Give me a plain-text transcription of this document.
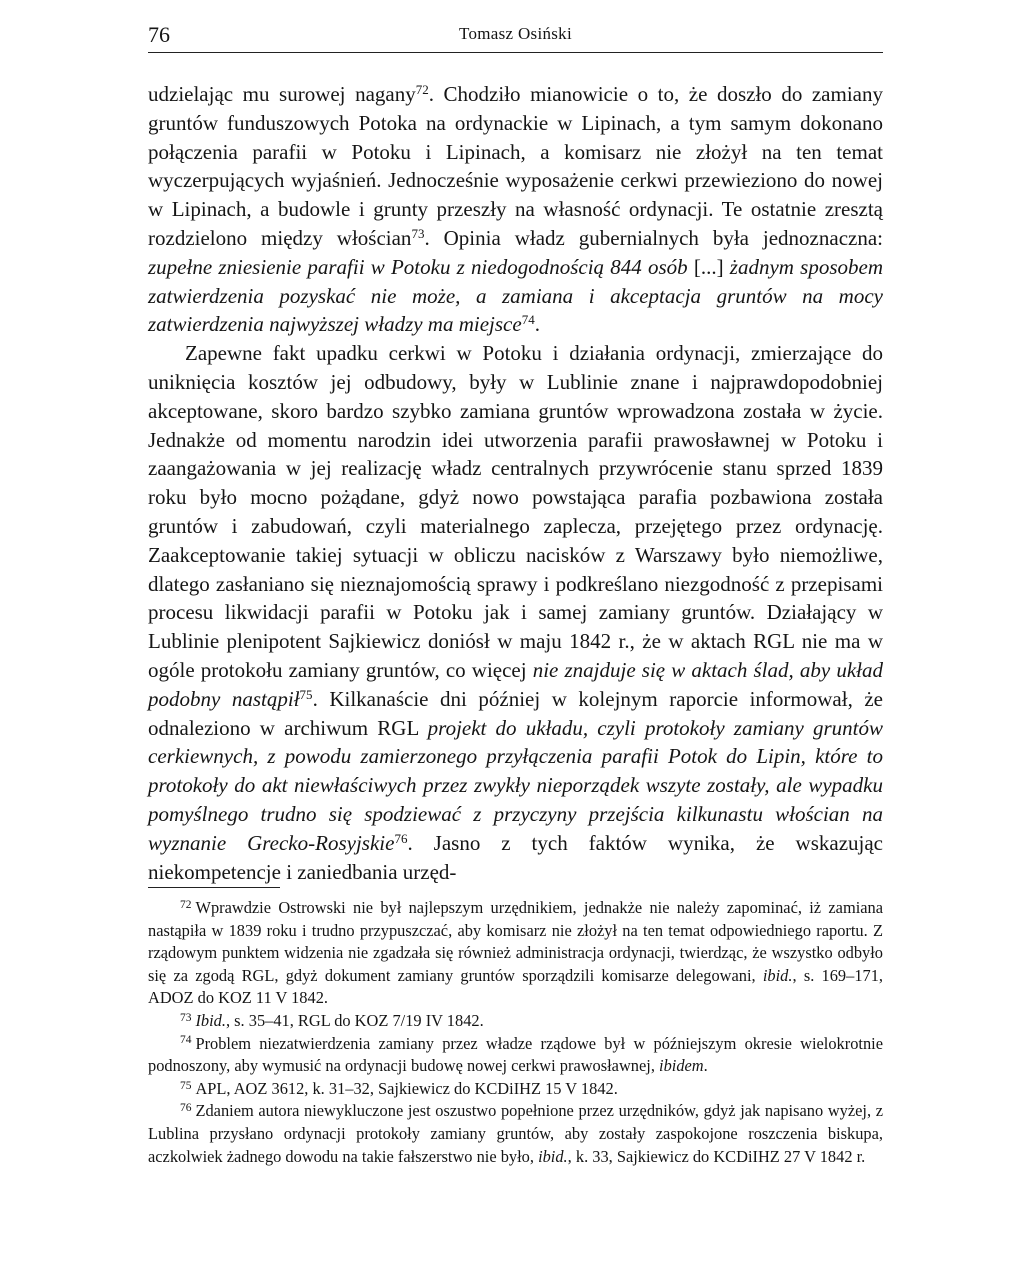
76	Tomasz Osiński

udzielając mu surowej nagany$^{72}$. Chodziło mianowicie o to, że doszło do zamiany gruntów funduszowych Potoka na ordynackie w Lipinach, a tym samym dokonano połączenia parafii w Potoku i Lipinach, a komisarz nie złożył na ten temat wyczerpujących wyjaśnień. Jednocześnie wyposażenie cerkwi przewieziono do nowej w Lipinach, a budowle i grunty przeszły na własność ordynacji. Te ostatnie zresztą rozdzielono między włościan$^{73}$. Opinia władz gubernialnych była jednoznaczna: zupełne zniesienie parafii w Potoku z niedogodnością 844 osób [...] żadnym sposobem zatwierdzenia pozyskać nie może, a zamiana i akceptacja gruntów na mocy zatwierdzenia najwyższej władzy ma miejsce$^{74}$.

Zapewne fakt upadku cerkwi w Potoku i działania ordynacji, zmierzające do uniknięcia kosztów jej odbudowy, były w Lublinie znane i najprawdopodobniej akceptowane, skoro bardzo szybko zamiana gruntów wprowadzona została w życie. Jednakże od momentu narodzin idei utworzenia parafii prawosławnej w Potoku i zaangażowania w jej realizację władz centralnych przywrócenie stanu sprzed 1839 roku było mocno pożądane, gdyż nowo powstająca parafia pozbawiona została gruntów i zabudowań, czyli materialnego zaplecza, przejętego przez ordynację. Zaakceptowanie takiej sytuacji w obliczu nacisków z Warszawy było niemożliwe, dlatego zasłaniano się nieznajomością sprawy i podkreślano niezgodność z przepisami procesu likwidacji parafii w Potoku jak i samej zamiany gruntów. Działający w Lublinie plenipotent Sajkiewicz doniósł w maju 1842 r., że w aktach RGL nie ma w ogóle protokołu zamiany gruntów, co więcej nie znajduje się w aktach ślad, aby układ podobny nastąpił$^{75}$. Kilkanaście dni później w kolejnym raporcie informował, że odnaleziono w archiwum RGL projekt do układu, czyli protokoły zamiany gruntów cerkiewnych, z powodu zamierzonego przyłączenia parafii Potok do Lipin, które to protokoły do akt niewłaściwych przez zwykły nieporządek wszyte zostały, ale wypadku pomyślnego trudno się spodziewać z przyczyny przejścia kilkunastu włościan na wyznanie Grecko-Rosyjskie$^{76}$. Jasno z tych faktów wynika, że wskazując niekompetencje i zaniedbania urzęd-

$^{72}$ Wprawdzie Ostrowski nie był najlepszym urzędnikiem, jednakże nie należy zapominać, iż zamiana nastąpiła w 1839 roku i trudno przypuszczać, aby komisarz nie złożył na ten temat odpowiedniego raportu. Z rządowym punktem widzenia nie zgadzała się również administracja ordynacji, twierdząc, że wszystko odbyło się za zgodą RGL, gdyż dokument zamiany gruntów sporządzili komisarze delegowani, ibid., s. 169–171, ADOZ do KOZ 11 V 1842.

$^{73}$ Ibid., s. 35–41, RGL do KOZ 7/19 IV 1842.

$^{74}$ Problem niezatwierdzenia zamiany przez władze rządowe był w późniejszym okresie wielokrotnie podnoszony, aby wymusić na ordynacji budowę nowej cerkwi prawosławnej, ibidem.

$^{75}$ APL, AOZ 3612, k. 31–32, Sajkiewicz do KCDiIHZ 15 V 1842.

$^{76}$ Zdaniem autora niewykluczone jest oszustwo popełnione przez urzędników, gdyż jak napisano wyżej, z Lublina przysłano ordynacji protokoły zamiany gruntów, aby zostały zaspokojone roszczenia biskupa, aczkolwiek żadnego dowodu na takie fałszerstwo nie było, ibid., k. 33, Sajkiewicz do KCDiIHZ 27 V 1842 r.
